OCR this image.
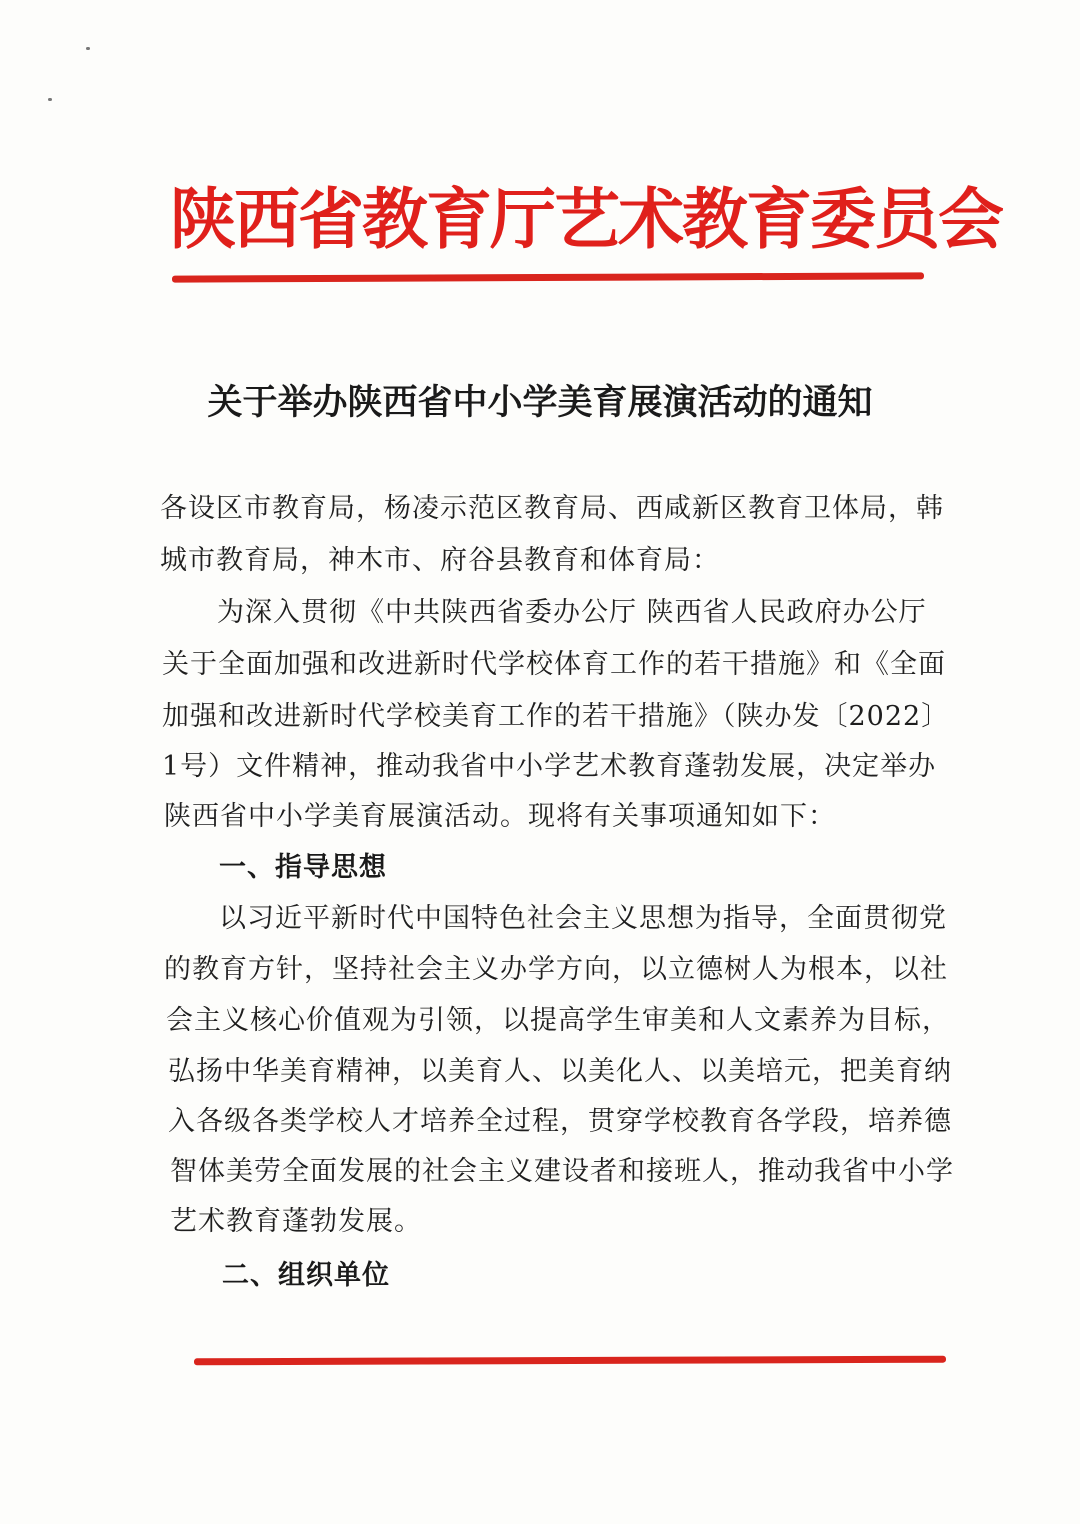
陕西省教育厅艺术教育委员会
关于举办陕西省中小学美育展演活动的通知
各设区市教育局，杨凌示范区教育局、西咸新区教育卫体局，韩
城市教育局，神木市、府谷县教育和体育局：
为深入贯彻《中共陕西省委办公厅 陕西省人民政府办公厅
关于全面加强和改进新时代学校体育工作的若干措施》和《全面
加强和改进新时代学校美育工作的若干措施》（陕办发〔2022〕
1号）文件精神，推动我省中小学艺术教育蓬勃发展，决定举办
陕西省中小学美育展演活动。现将有关事项通知如下：
一、指导思想
以习近平新时代中国特色社会主义思想为指导，全面贯彻党
的教育方针，坚持社会主义办学方向，以立德树人为根本，以社
会主义核心价值观为引领，以提高学生审美和人文素养为目标，
弘扬中华美育精神，以美育人、以美化人、以美培元，把美育纳
入各级各类学校人才培养全过程，贯穿学校教育各学段，培养德
智体美劳全面发展的社会主义建设者和接班人，推动我省中小学
艺术教育蓬勃发展。
二、组织单位
